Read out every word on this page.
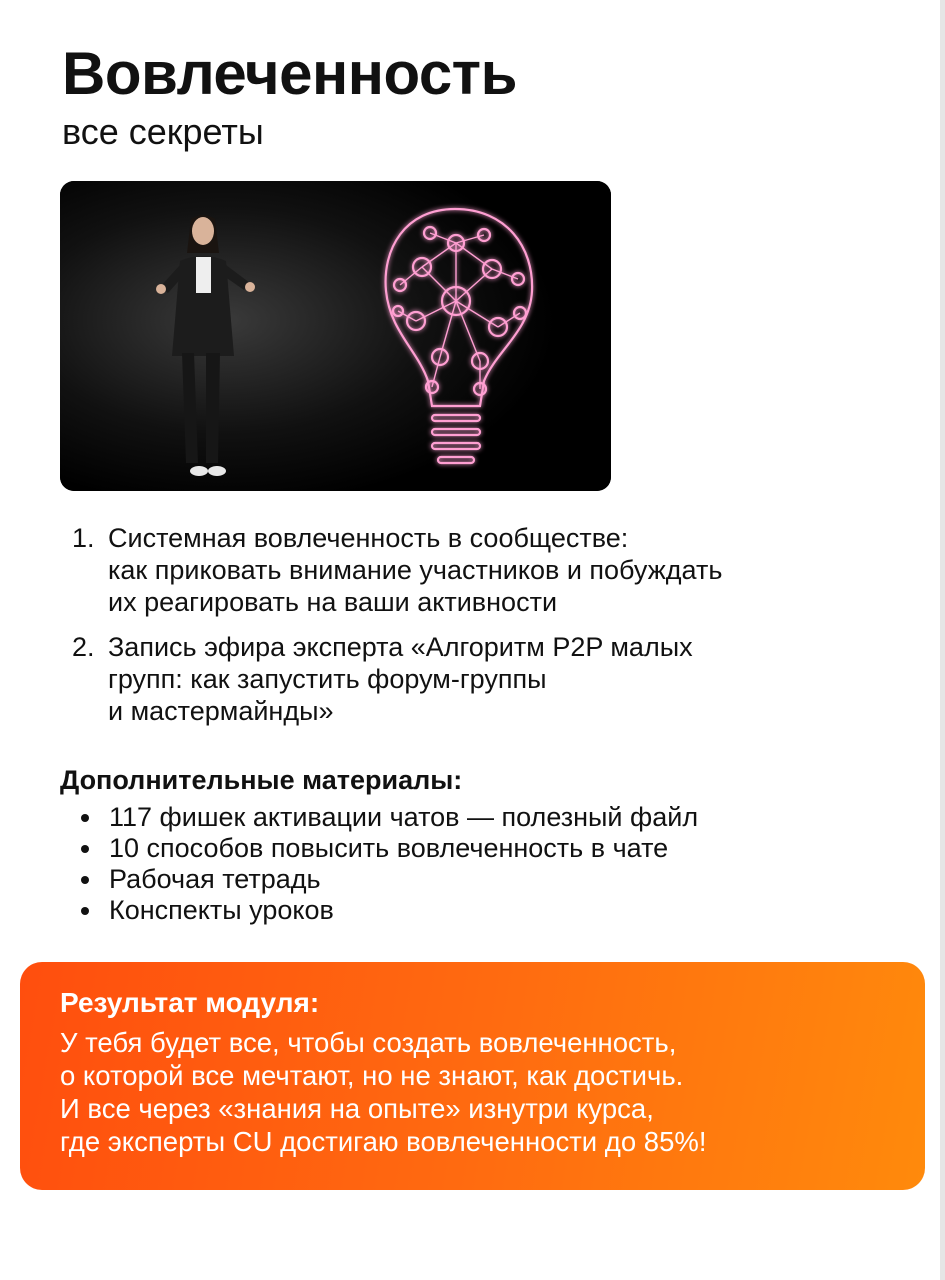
Вовлеченность
все секреты
1. Системная вовлеченность в сообществе:
как приковать внимание участников и побуждать
их реагировать на ваши активности
2. Запись эфира эксперта «Алгоритм P2P малых
групп: как запустить форум-группы
и мастермайнды»
Дополнительные материалы:
117 фишек активации чатов — полезный файл
10 способов повысить вовлеченность в чате
Рабочая тетрадь
Конспекты уроков
Результат модуля:
У тебя будет все, чтобы создать вовлеченность,
о которой все мечтают, но не знают, как достичь.
И все через «знания на опыте» изнутри курса,
где эксперты CU достигаю вовлеченности до 85%!
